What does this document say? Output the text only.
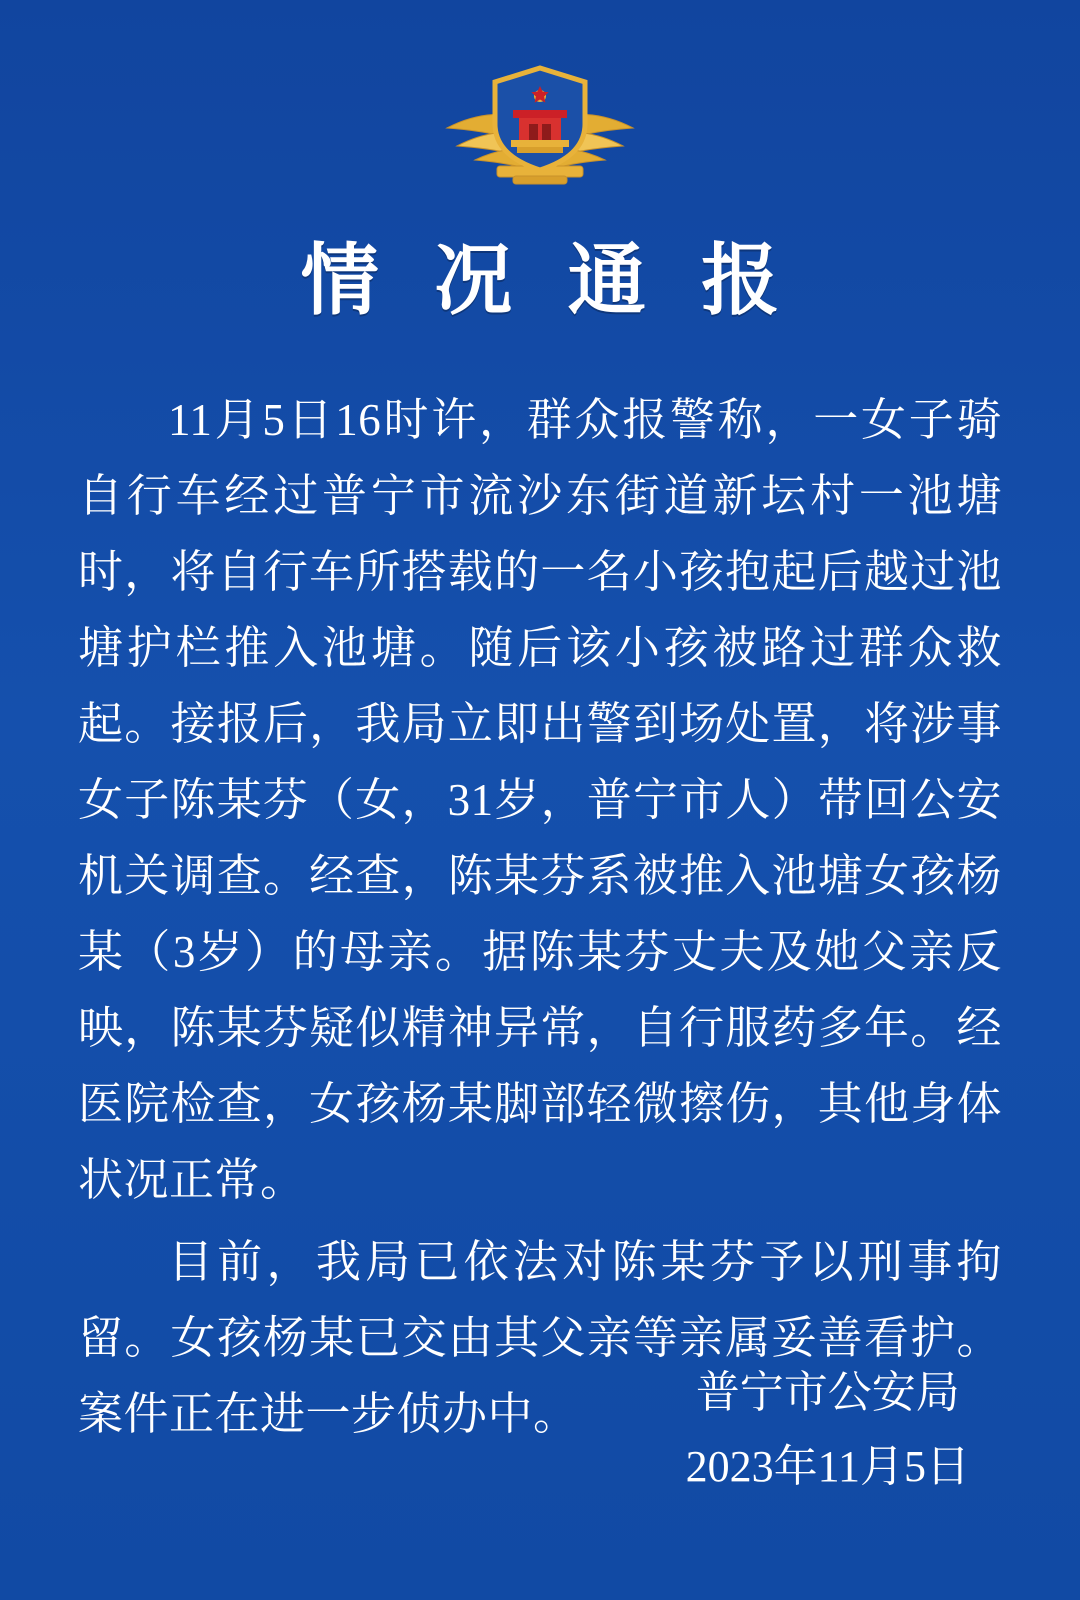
情 况 通 报

11月5日16时许，群众报警称，一女子骑自行车经过普宁市流沙东街道新坛村一池塘时，将自行车所搭载的一名小孩抱起后越过池塘护栏推入池塘。随后该小孩被路过群众救起。接报后，我局立即出警到场处置，将涉事女子陈某芬（女，31岁，普宁市人）带回公安机关调查。经查，陈某芬系被推入池塘女孩杨某（3岁）的母亲。据陈某芬丈夫及她父亲反映，陈某芬疑似精神异常，自行服药多年。经医院检查，女孩杨某脚部轻微擦伤，其他身体状况正常。

目前，我局已依法对陈某芬予以刑事拘留。女孩杨某已交由其父亲等亲属妥善看护。案件正在进一步侦办中。	普宁市公安局
2023年11月5日
